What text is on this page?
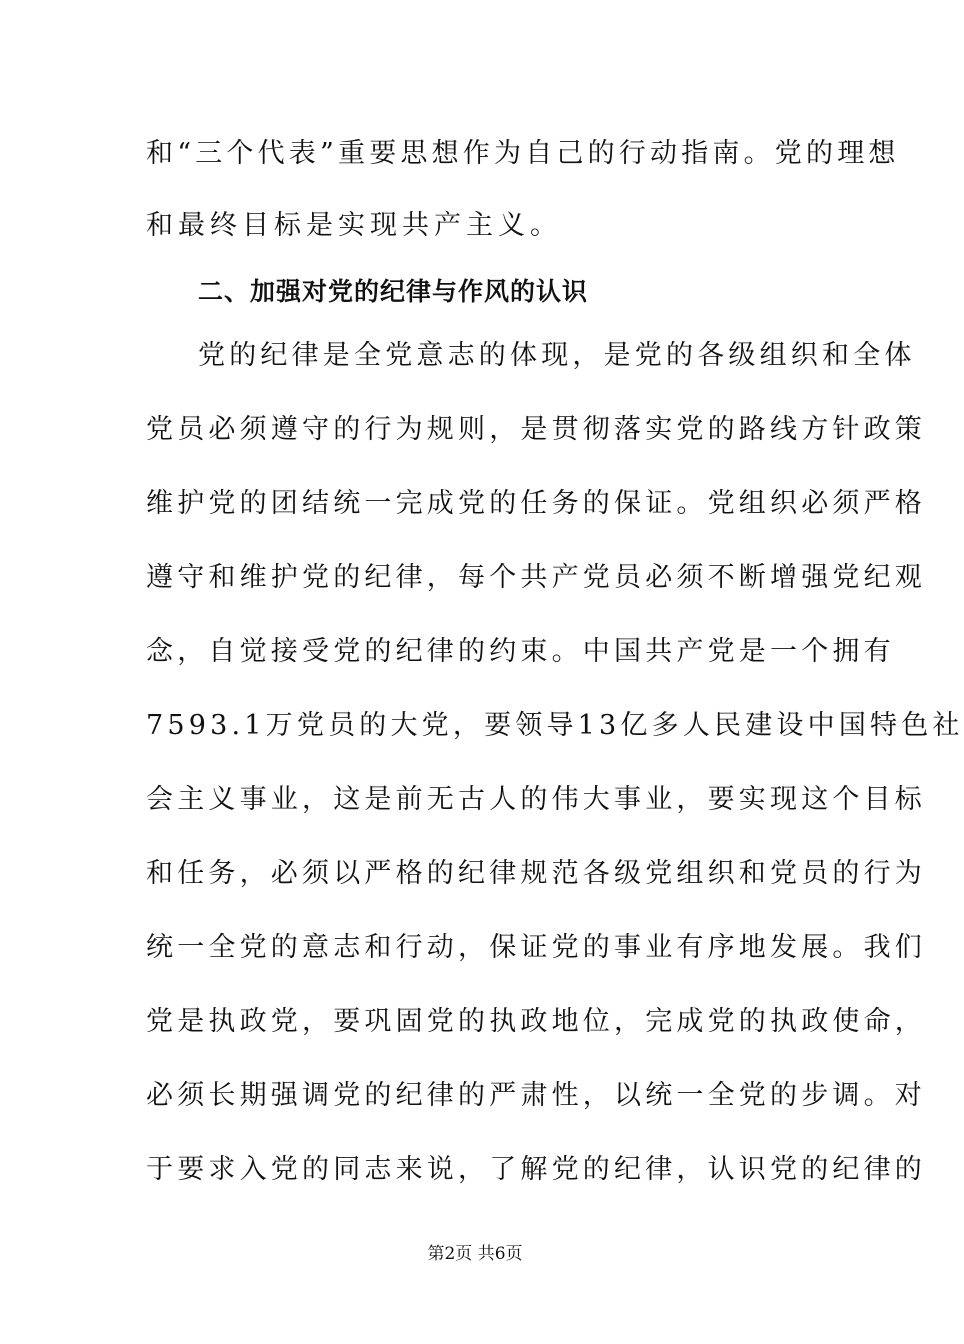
和“三个代表”重要思想作为自己的行动指南。党的理想
和最终目标是实现共产主义。
二、加强对党的纪律与作风的认识
党的纪律是全党意志的体现，是党的各级组织和全体
党员必须遵守的行为规则，是贯彻落实党的路线方针政策
维护党的团结统一完成党的任务的保证。党组织必须严格
遵守和维护党的纪律，每个共产党员必须不断增强党纪观
念，自觉接受党的纪律的约束。中国共产党是一个拥有
7593.1万党员的大党，要领导13亿多人民建设中国特色社
会主义事业，这是前无古人的伟大事业，要实现这个目标
和任务，必须以严格的纪律规范各级党组织和党员的行为
统一全党的意志和行动，保证党的事业有序地发展。我们
党是执政党，要巩固党的执政地位，完成党的执政使命，
必须长期强调党的纪律的严肃性，以统一全党的步调。对
于要求入党的同志来说，了解党的纪律，认识党的纪律的
第2页 共6页
